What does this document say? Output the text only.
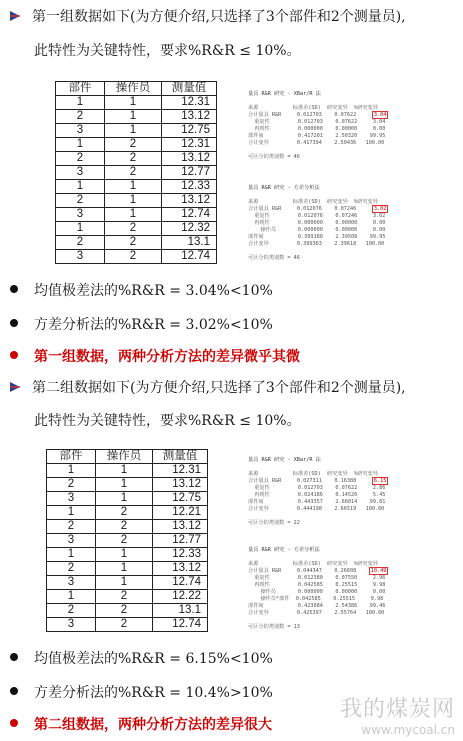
第一组数据如下(为方便介绍,只选择了3个部件和2个测量员),
此特性为关键特性，要求%R&R ≤ 10%。
部件	操作员	测量值
1	1	12.31
2	1	13.12
3	1	12.75
1	2	12.31
2	2	13.12
3	2	12.77
1	1	12.33
2	1	13.12
3	1	12.74
1	2	12.32
2	2	13.1
3	2	12.74

量具 R&R 研究 - XBar/R 法

来源           标准差(SD)  研究变异  %研究变异
合计量具 R&R     0.012703    0.07622     3.04
重复性         0.012703    0.07622     3.04
再现性         0.000000    0.00000     0.00
部件间           0.417201    2.50320    99.95
合计变异         0.417394    2.50436   100.00

可区分的类别数 = 46

量具 R&R 研究 - 方差分析法

来源           标准差(SD)  研究变异  %研究变异
合计量具 R&R     0.012076    0.07246     3.02
重复性         0.012076    0.07246     3.02
再现性         0.000000    0.00000     0.00
操作员       0.000000    0.00000     0.00
部件间           0.399180    2.39508    99.95
合计变异         0.399363    2.39618   100.00

可区分的类别数 = 46

均值极差法的%R&R = 3.04%<10%
方差分析法的%R&R = 3.02%<10%
第一组数据，两种分析方法的差异微乎其微
第二组数据如下(为方便介绍,只选择了3个部件和2个测量员),
此特性为关键特性，要求%R&R ≤ 10%。
部件	操作员	测量值
1	1	12.31
2	1	13.12
3	1	12.75
1	2	12.21
2	2	13.12
3	2	12.77
1	1	12.33
2	1	13.12
3	1	12.74
1	2	12.22
2	2	13.1
3	2	12.74

量具 R&R 研究 - XBar/R 法

来源           标准差(SD)  研究变异  %研究变异
合计量具 R&R     0.027311    0.16388     6.15
重复性         0.012703    0.07622     2.86
再现性         0.024186    0.14520     5.45
部件间           0.443357    2.66014    99.81
合计变异         0.444198    2.66519   100.00

可区分的类别数 = 22

量具 R&R 研究 - 方差分析法

来源           标准差(SD)  研究变异  %研究变异
合计量具 R&R     0.044347    0.26608    10.49
重复性         0.012380    0.07550     2.96
再现性         0.042585    0.25515     9.98
操作员       0.000000    0.00000     0.00
操作员*部件  0.042585    0.25515     9.98
部件间           0.423084    2.54386    99.46
合计变异         0.425397    2.55764   100.00

可区分的类别数 = 13

均值极差法的%R&R = 6.15%<10%
方差分析法的%R&R = 10.4%>10%
第二组数据，两种分析方法的差异很大
我的煤炭网
www.mycoal.cn
